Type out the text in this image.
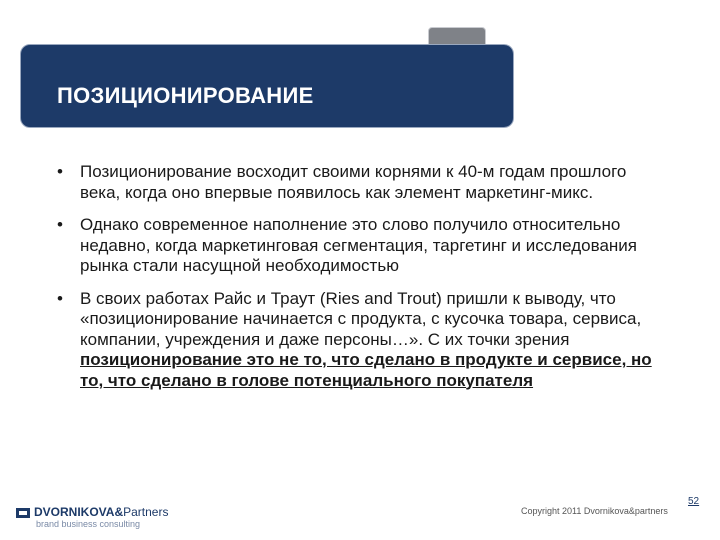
ПОЗИЦИОНИРОВАНИЕ
• Позиционирование восходит своими корнями к 40-м годам прошлого века, когда оно впервые появилось как элемент маркетинг-микс.
• Однако современное наполнение это слово получило относительно недавно, когда маркетинговая сегментация, таргетинг и исследования рынка стали насущной необходимостью
• В своих работах Райс и Траут (Ries and Trout) пришли к выводу, что «позиционирование начинается с продукта, с кусочка товара, сервиса, компании, учреждения и даже персоны…». С их точки зрения позиционирование это не то, что сделано в продукте и сервисе, но то, что сделано в голове потенциального покупателя
DVORNIKOVA& Partners
brand business consulting
Copyright 2011 Dvornikova&partners
52
